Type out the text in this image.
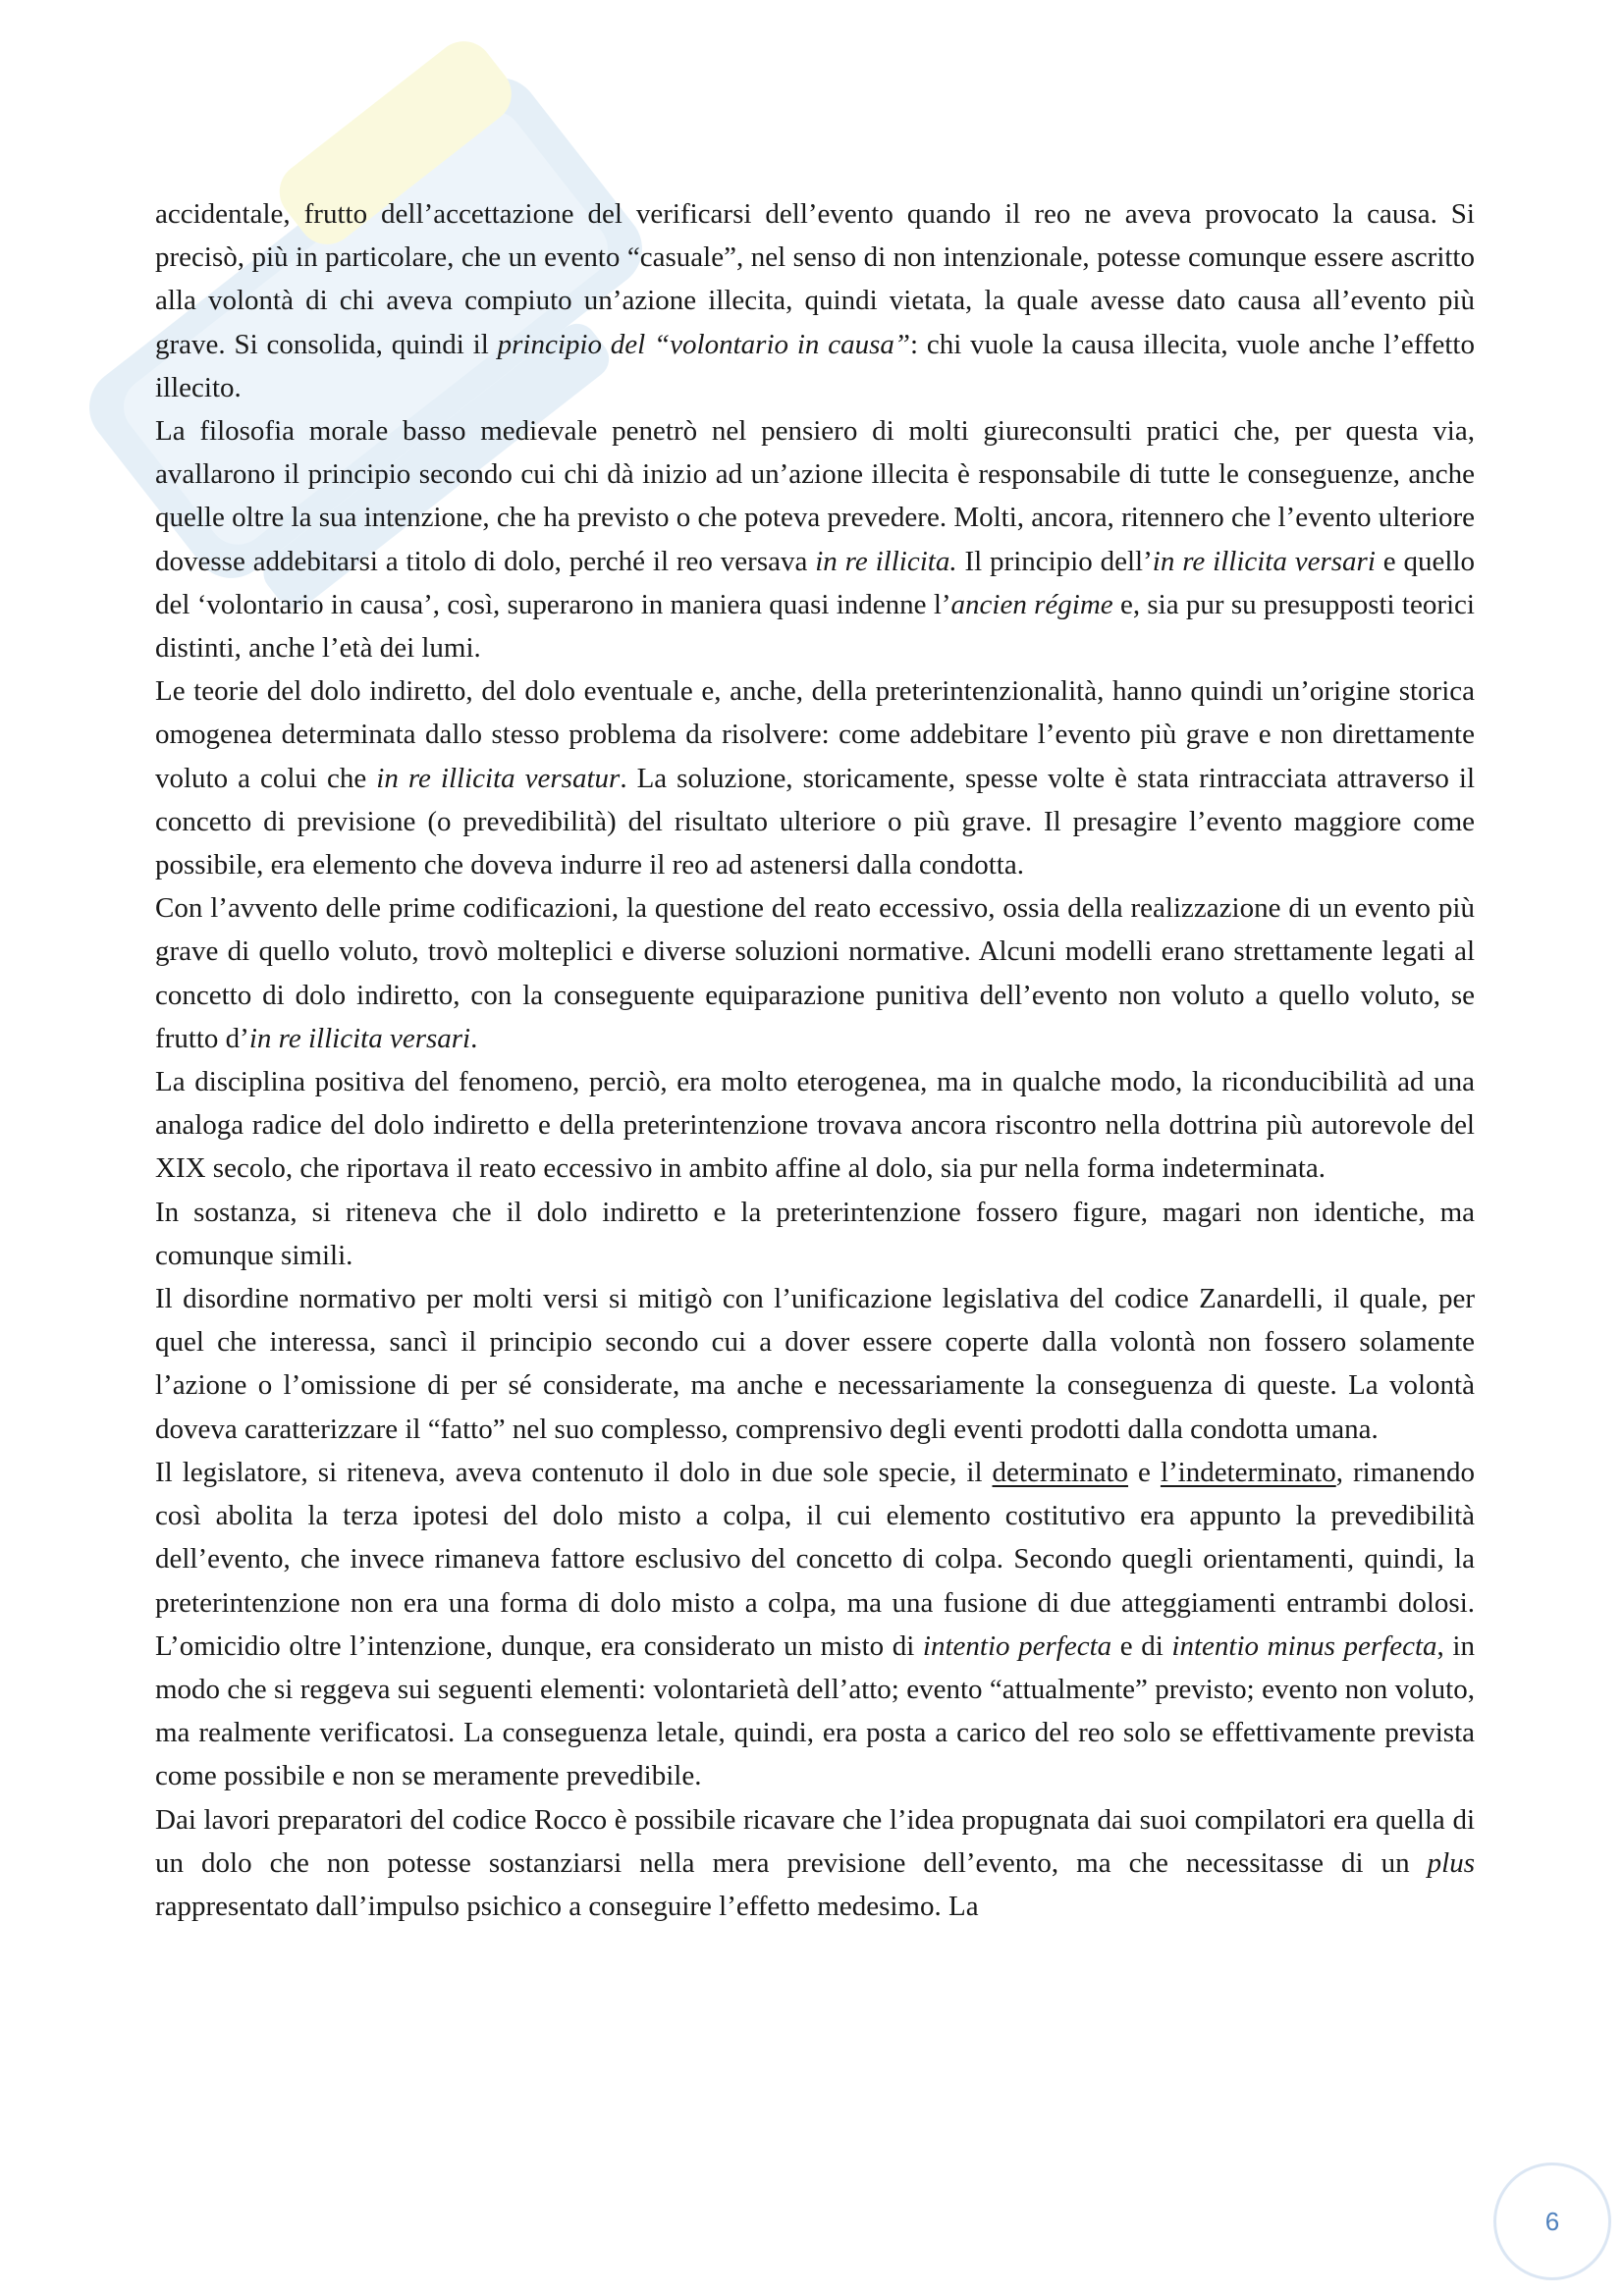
accidentale, frutto dell’accettazione del verificarsi dell’evento quando il reo ne aveva provocato la causa. Si precisò, più in particolare, che un evento “casuale”, nel senso di non intenzionale, potesse comunque essere ascritto alla volontà di chi aveva compiuto un’azione illecita, quindi vietata, la quale avesse dato causa all’evento più grave. Si consolida, quindi il principio del “volontario in causa”: chi vuole la causa illecita, vuole anche l’effetto illecito.

La filosofia morale basso medievale penetrò nel pensiero di molti giureconsulti pratici che, per questa via, avallarono il principio secondo cui chi dà inizio ad un’azione illecita è responsabile di tutte le conseguenze, anche quelle oltre la sua intenzione, che ha previsto o che poteva prevedere. Molti, ancora, ritennero che l’evento ulteriore dovesse addebitarsi a titolo di dolo, perché il reo versava in re illicita. Il principio dell’in re illicita versari e quello del ‘volontario in causa’, così, superarono in maniera quasi indenne l’ancien régime e, sia pur su presupposti teorici distinti, anche l’età dei lumi.

Le teorie del dolo indiretto, del dolo eventuale e, anche, della preterintenzionalità, hanno quindi un’origine storica omogenea determinata dallo stesso problema da risolvere: come addebitare l’evento più grave e non direttamente voluto a colui che in re illicita versatur. La soluzione, storicamente, spesse volte è stata rintracciata attraverso il concetto di previsione (o prevedibilità) del risultato ulteriore o più grave. Il presagire l’evento maggiore come possibile, era elemento che doveva indurre il reo ad astenersi dalla condotta.

Con l’avvento delle prime codificazioni, la questione del reato eccessivo, ossia della realizzazione di un evento più grave di quello voluto, trovò molteplici e diverse soluzioni normative. Alcuni modelli erano strettamente legati al concetto di dolo indiretto, con la conseguente equiparazione punitiva dell’evento non voluto a quello voluto, se frutto d’in re illicita versari.

La disciplina positiva del fenomeno, perciò, era molto eterogenea, ma in qualche modo, la riconducibilità ad una analoga radice del dolo indiretto e della preterintenzione trovava ancora riscontro nella dottrina più autorevole del XIX secolo, che riportava il reato eccessivo in ambito affine al dolo, sia pur nella forma indeterminata.

In sostanza, si riteneva che il dolo indiretto e la preterintenzione fossero figure, magari non identiche, ma comunque simili.

Il disordine normativo per molti versi si mitigò con l’unificazione legislativa del codice Zanardelli, il quale, per quel che interessa, sancì il principio secondo cui a dover essere coperte dalla volontà non fossero solamente l’azione o l’omissione di per sé considerate, ma anche e necessariamente la conseguenza di queste. La volontà doveva caratterizzare il “fatto” nel suo complesso, comprensivo degli eventi prodotti dalla condotta umana.

Il legislatore, si riteneva, aveva contenuto il dolo in due sole specie, il determinato e l’indeterminato, rimanendo così abolita la terza ipotesi del dolo misto a colpa, il cui elemento costitutivo era appunto la prevedibilità dell’evento, che invece rimaneva fattore esclusivo del concetto di colpa. Secondo quegli orientamenti, quindi, la preterintenzione non era una forma di dolo misto a colpa, ma una fusione di due atteggiamenti entrambi dolosi. L’omicidio oltre l’intenzione, dunque, era considerato un misto di intentio perfecta e di intentio minus perfecta, in modo che si reggeva sui seguenti elementi: volontarietà dell’atto; evento “attualmente” previsto; evento non voluto, ma realmente verificatosi. La conseguenza letale, quindi, era posta a carico del reo solo se effettivamente prevista come possibile e non se meramente prevedibile.

Dai lavori preparatori del codice Rocco è possibile ricavare che l’idea propugnata dai suoi compilatori era quella di un dolo che non potesse sostanziarsi nella mera previsione dell’evento, ma che necessitasse di un plus rappresentato dall’impulso psichico a conseguire l’effetto medesimo. La

6
